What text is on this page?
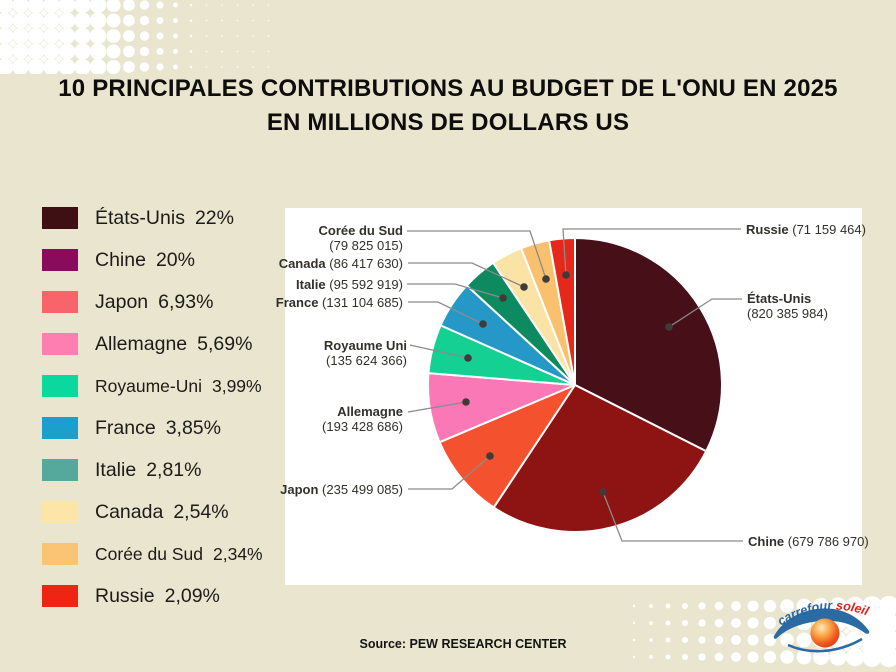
10 PRINCIPALES CONTRIBUTIONS AU BUDGET DE L'ONU EN 2025
EN MILLIONS DE DOLLARS US
États-Unis 22%
Chine 20%
Japon 6,93%
Allemagne 5,69%
Royaume-Uni 3,99%
France 3,85%
Italie 2,81%
Canada 2,54%
Corée du Sud 2,34%
Russie 2,09%
États-Unis
(820 385 984)
Chine (679 786 970)
Japon (235 499 085)
Allemagne
(193 428 686)
Royaume Uni
(135 624 366)
France (131 104 685)
Italie (95 592 919)
Canada (86 417 630)
Corée du Sud
(79 825 015)
Russie (71 159 464)
Source: PEW RESEARCH CENTER
carrefour soleil
